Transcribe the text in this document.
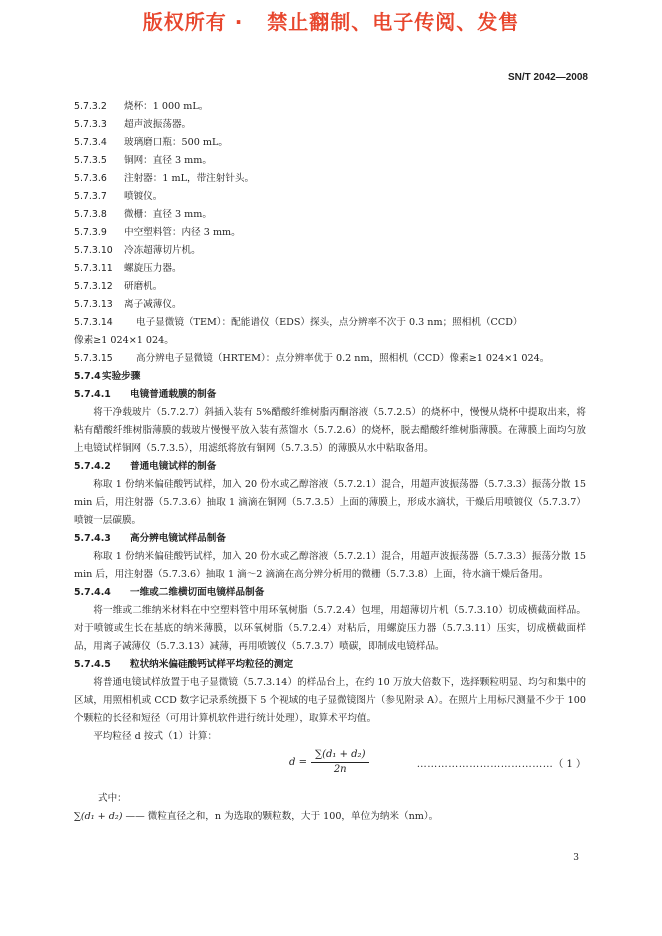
版权所有 ·   禁止翻制、电子传阅、发售
SN/T 2042—2008
5.7.3.2 烧杯：1 000 mL。
5.7.3.3 超声波振荡器。
5.7.3.4 玻璃磨口瓶：500 mL。
5.7.3.5 铜网：直径 3 mm。
5.7.3.6 注射器：1 mL，带注射针头。
5.7.3.7 喷镀仪。
5.7.3.8 微栅：直径 3 mm。
5.7.3.9 中空塑料管：内径 3 mm。
5.7.3.10 冷冻超薄切片机。
5.7.3.11 螺旋压力器。
5.7.3.12 研磨机。
5.7.3.13 离子减薄仪。
5.7.3.14 电子显微镜（TEM）：配能谱仪（EDS）探头，点分辨率不次于 0.3 nm；照相机（CCD）
像素≥1 024×1 024。
5.7.3.15 高分辨电子显微镜（HRTEM）：点分辨率优于 0.2 nm，照相机（CCD）像素≥1 024×1 024。
5.7.4实验步骤
5.7.4.1 电镜普通载膜的制备
将干净载玻片（5.7.2.7）斜插入装有 5%醋酸纤维树脂丙酮溶液（5.7.2.5）的烧杯中，慢慢从烧杯中提取出来，将粘有醋酸纤维树脂薄膜的载玻片慢慢平放入装有蒸馏水（5.7.2.6）的烧杯，脱去醋酸纤维树脂薄膜。在薄膜上面均匀放上电镜试样铜网（5.7.3.5），用滤纸将放有铜网（5.7.3.5）的薄膜从水中粘取备用。
5.7.4.2 普通电镜试样的制备
称取 1 份纳米偏硅酸钙试样，加入 20 份水或乙醇溶液（5.7.2.1）混合，用超声波振荡器（5.7.3.3）振荡分散 15 min 后，用注射器（5.7.3.6）抽取 1 滴滴在铜网（5.7.3.5）上面的薄膜上，形成水滴状，干燥后用喷镀仪（5.7.3.7）喷镀一层碳膜。
5.7.4.3 高分辨电镜试样品制备
称取 1 份纳米偏硅酸钙试样，加入 20 份水或乙醇溶液（5.7.2.1）混合，用超声波振荡器（5.7.3.3）振荡分散 15 min 后，用注射器（5.7.3.6）抽取 1 滴～2 滴滴在高分辨分析用的微栅（5.7.3.8）上面，待水滴干燥后备用。
5.7.4.4 一维或二维横切面电镜样品制备
将一维或二维纳米材料在中空塑料管中用环氧树脂（5.7.2.4）包埋，用超薄切片机（5.7.3.10）切成横截面样品。对于喷镀或生长在基底的纳米薄膜，以环氧树脂（5.7.2.4）对粘后，用螺旋压力器（5.7.3.11）压实，切成横截面样品，用离子减薄仪（5.7.3.13）减薄，再用喷镀仪（5.7.3.7）喷碳，即制成电镜样品。
5.7.4.5 粒状纳米偏硅酸钙试样平均粒径的测定
将普通电镜试样放置于电子显微镜（5.7.3.14）的样品台上，在约 10 万放大倍数下，选择颗粒明显、均匀和集中的区域，用照相机或 CCD 数字记录系统摄下 5 个视域的电子显微镜图片（参见附录 A）。在照片上用标尺测量不少于 100 个颗粒的长径和短径（可用计算机软件进行统计处理），取算术平均值。
平均粒径 d 按式（1）计算：
$d = \frac{\text{∑(d₁ + d₂)}}{2n}$	…………………………………（ 1 ）
式中：
∑(d₁ + d₂) —— 微粒直径之和，n 为选取的颗粒数，大于 100，单位为纳米（nm）。
3
